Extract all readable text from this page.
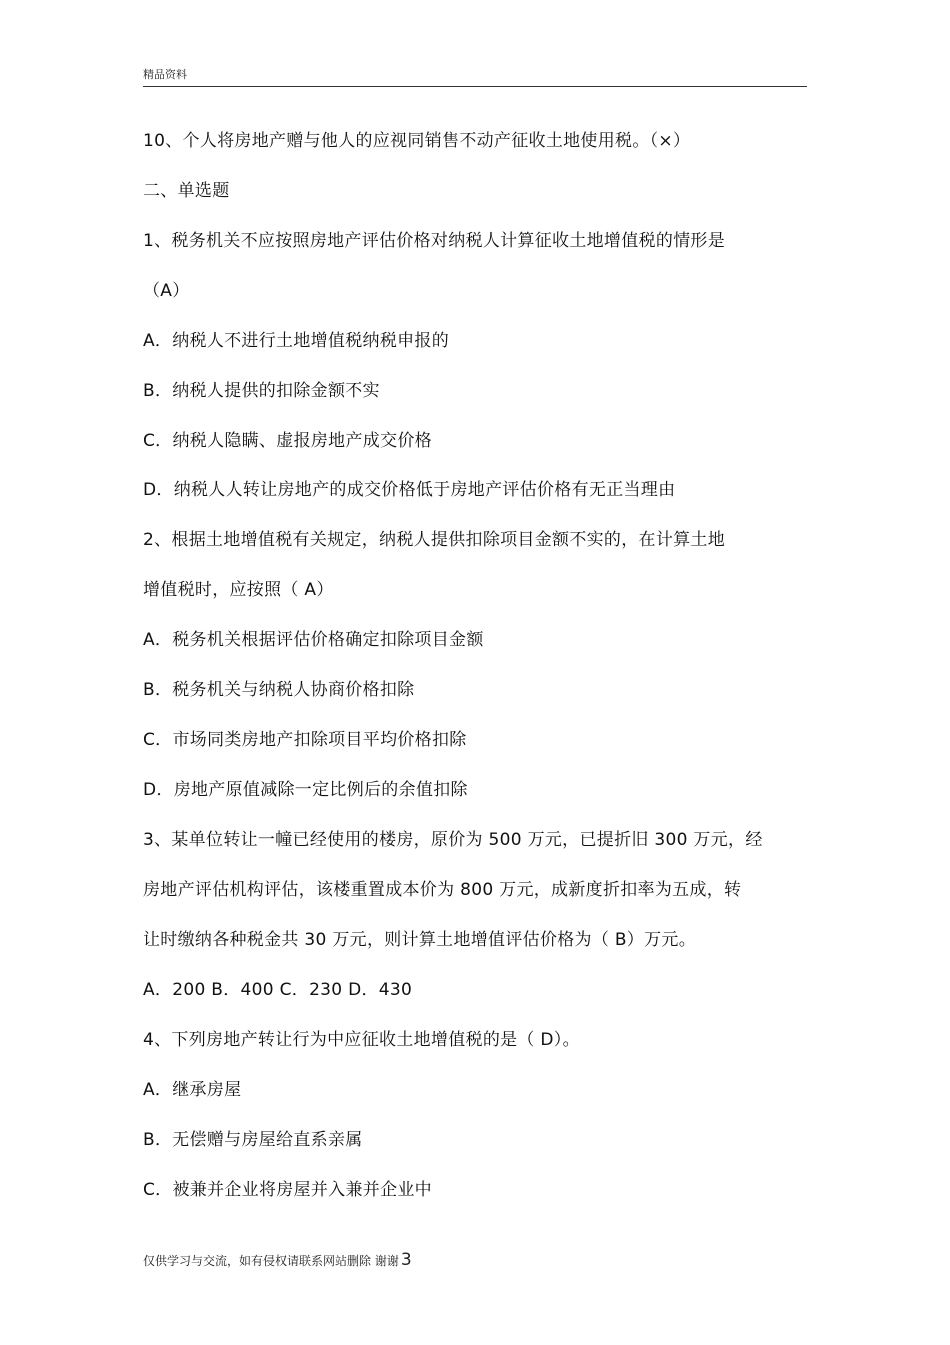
精品资料
10、个人将房地产赠与他人的应视同销售不动产征收土地使用税。（×）
二、单选题
1、税务机关不应按照房地产评估价格对纳税人计算征收土地增值税的情形是
（A）
A．纳税人不进行土地增值税纳税申报的
B．纳税人提供的扣除金额不实
C．纳税人隐瞒、虚报房地产成交价格
D．纳税人人转让房地产的成交价格低于房地产评估价格有无正当理由
2、根据土地增值税有关规定，纳税人提供扣除项目金额不实的，在计算土地
增值税时，应按照（ A）
A．税务机关根据评估价格确定扣除项目金额
B．税务机关与纳税人协商价格扣除
C．市场同类房地产扣除项目平均价格扣除
D．房地产原值减除一定比例后的余值扣除
3、某单位转让一幢已经使用的楼房，原价为 500 万元，已提折旧 300 万元，经
房地产评估机构评估，该楼重置成本价为 800 万元，成新度折扣率为五成，转
让时缴纳各种税金共 30 万元，则计算土地增值评估价格为（ B）万元。
A．200 B．400 C．230 D．430
4、下列房地产转让行为中应征收土地增值税的是（ D）。
A．继承房屋
B．无偿赠与房屋给直系亲属
C．被兼并企业将房屋并入兼并企业中
仅供学习与交流，如有侵权请联系网站删除 谢谢 3
